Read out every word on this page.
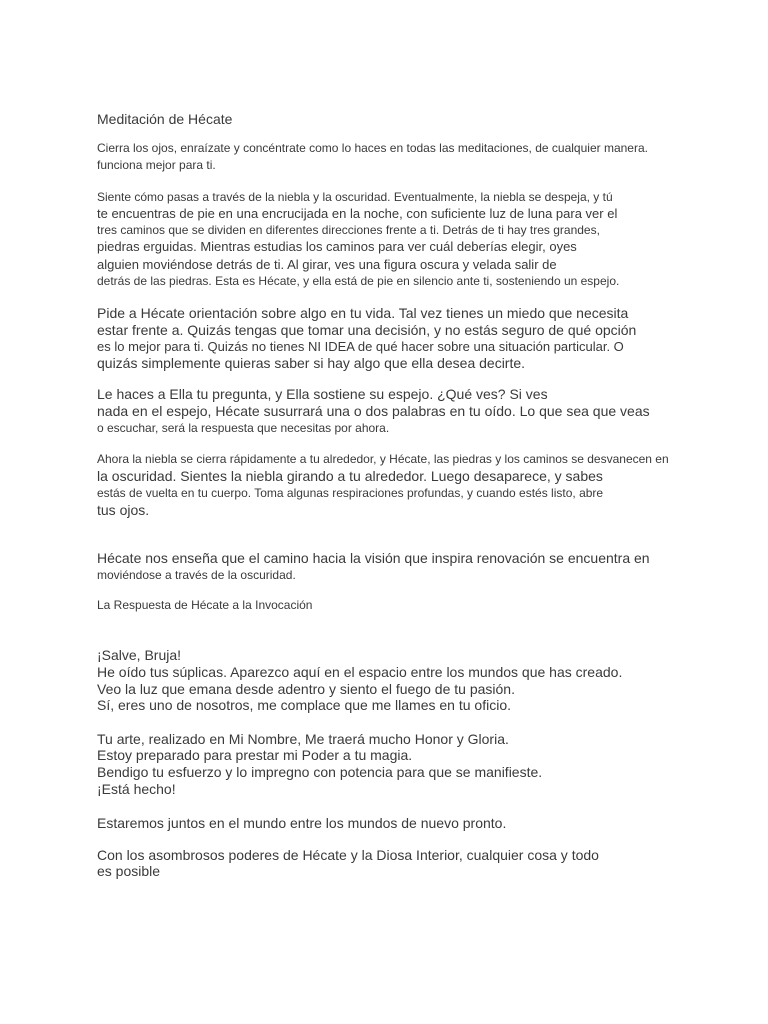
Meditación de Hécate

Cierra los ojos, enraízate y concéntrate como lo haces en todas las meditaciones, de cualquier manera.

funciona mejor para ti.

Siente cómo pasas a través de la niebla y la oscuridad. Eventualmente, la niebla se despeja, y tú

te encuentras de pie en una encrucijada en la noche, con suficiente luz de luna para ver el

tres caminos que se dividen en diferentes direcciones frente a ti. Detrás de ti hay tres grandes,

piedras erguidas. Mientras estudias los caminos para ver cuál deberías elegir, oyes

alguien moviéndose detrás de ti. Al girar, ves una figura oscura y velada salir de

detrás de las piedras. Esta es Hécate, y ella está de pie en silencio ante ti, sosteniendo un espejo.

Pide a Hécate orientación sobre algo en tu vida. Tal vez tienes un miedo que necesita

estar frente a. Quizás tengas que tomar una decisión, y no estás seguro de qué opción

es lo mejor para ti. Quizás no tienes NI IDEA de qué hacer sobre una situación particular. O

quizás simplemente quieras saber si hay algo que ella desea decirte.

Le haces a Ella tu pregunta, y Ella sostiene su espejo. ¿Qué ves? Si ves

nada en el espejo, Hécate susurrará una o dos palabras en tu oído. Lo que sea que veas

o escuchar, será la respuesta que necesitas por ahora.

Ahora la niebla se cierra rápidamente a tu alrededor, y Hécate, las piedras y los caminos se desvanecen en

la oscuridad. Sientes la niebla girando a tu alrededor. Luego desaparece, y sabes

estás de vuelta en tu cuerpo. Toma algunas respiraciones profundas, y cuando estés listo, abre

tus ojos.

Hécate nos enseña que el camino hacia la visión que inspira renovación se encuentra en

moviéndose a través de la oscuridad.

La Respuesta de Hécate a la Invocación

¡Salve, Bruja!

He oído tus súplicas. Aparezco aquí en el espacio entre los mundos que has creado.

Veo la luz que emana desde adentro y siento el fuego de tu pasión.

Sí, eres uno de nosotros, me complace que me llames en tu oficio.

Tu arte, realizado en Mi Nombre, Me traerá mucho Honor y Gloria.

Estoy preparado para prestar mi Poder a tu magia.

Bendigo tu esfuerzo y lo impregno con potencia para que se manifieste.

¡Está hecho!

Estaremos juntos en el mundo entre los mundos de nuevo pronto.

Con los asombrosos poderes de Hécate y la Diosa Interior, cualquier cosa y todo

es posible
